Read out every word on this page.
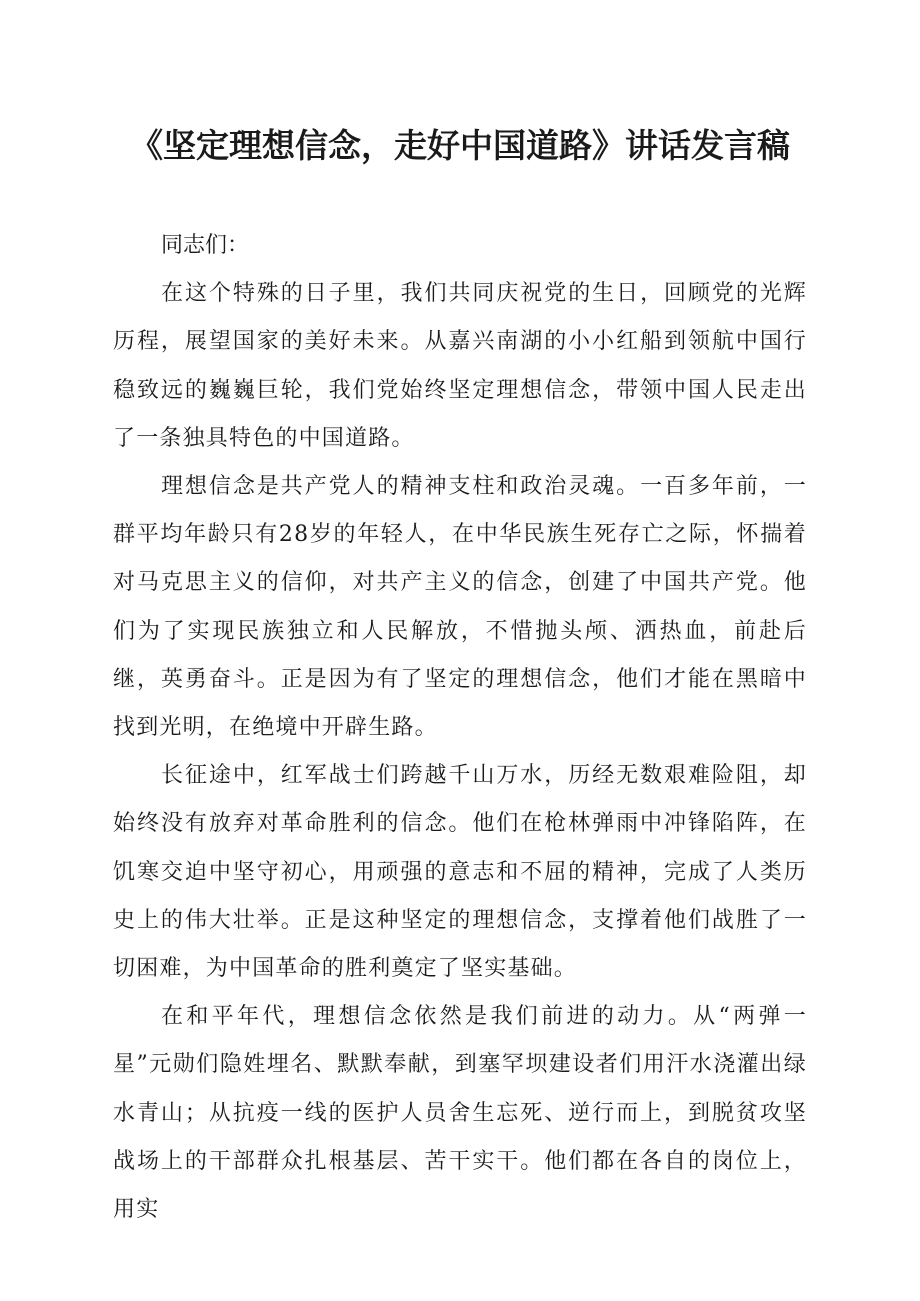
《坚定理想信念，走好中国道路》讲话发言稿

同志们：

在这个特殊的日子里，我们共同庆祝党的生日，回顾党的光辉历程，展望国家的美好未来。从嘉兴南湖的小小红船到领航中国行稳致远的巍巍巨轮，我们党始终坚定理想信念，带领中国人民走出了一条独具特色的中国道路。

理想信念是共产党人的精神支柱和政治灵魂。一百多年前，一群平均年龄只有28岁的年轻人，在中华民族生死存亡之际，怀揣着对马克思主义的信仰，对共产主义的信念，创建了中国共产党。他们为了实现民族独立和人民解放，不惜抛头颅、洒热血，前赴后继，英勇奋斗。正是因为有了坚定的理想信念，他们才能在黑暗中找到光明，在绝境中开辟生路。

长征途中，红军战士们跨越千山万水，历经无数艰难险阻，却始终没有放弃对革命胜利的信念。他们在枪林弹雨中冲锋陷阵，在饥寒交迫中坚守初心，用顽强的意志和不屈的精神，完成了人类历史上的伟大壮举。正是这种坚定的理想信念，支撑着他们战胜了一切困难，为中国革命的胜利奠定了坚实基础。

在和平年代，理想信念依然是我们前进的动力。从“两弹一星”元勋们隐姓埋名、默默奉献，到塞罕坝建设者们用汗水浇灌出绿水青山；从抗疫一线的医护人员舍生忘死、逆行而上，到脱贫攻坚战场上的干部群众扎根基层、苦干实干。他们都在各自的岗位上，用实
